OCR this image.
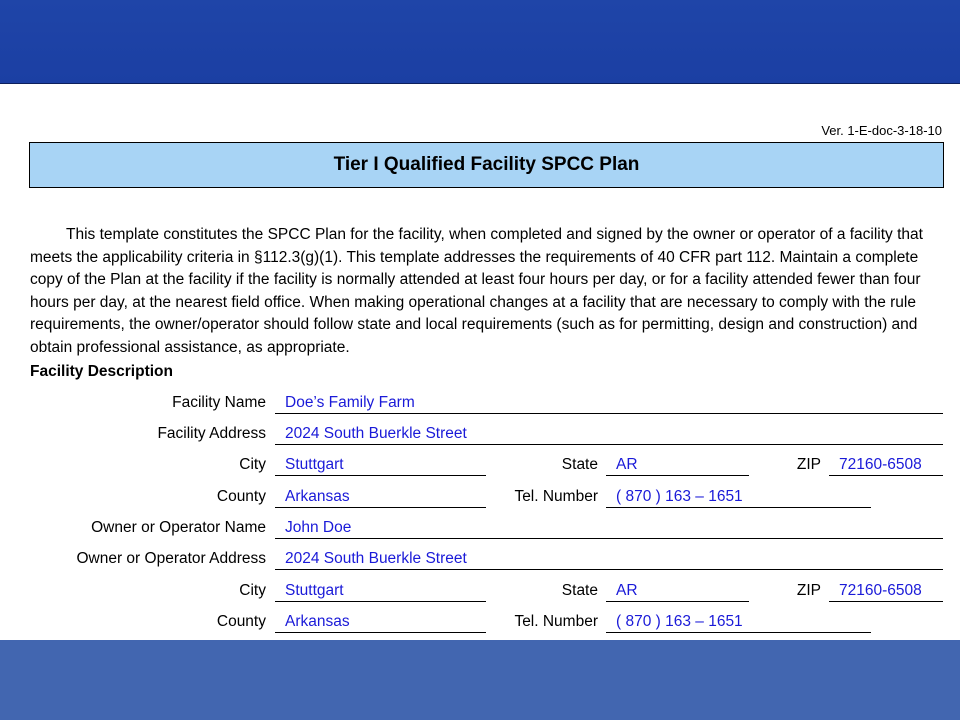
Ver. 1-E-doc-3-18-10
Tier I Qualified Facility SPCC Plan

This template constitutes the SPCC Plan for the facility, when completed and signed by the owner or operator of a facility that meets the applicability criteria in §112.3(g)(1). This template addresses the requirements of 40 CFR part 112. Maintain a complete copy of the Plan at the facility if the facility is normally attended at least four hours per day, or for a facility attended fewer than four hours per day, at the nearest field office. When making operational changes at a facility that are necessary to comply with the rule requirements, the owner/operator should follow state and local requirements (such as for permitting, design and construction) and obtain professional assistance, as appropriate.

Facility Description
Facility Name	Doe’s Family Farm
Facility Address	2024 South Buerkle Street
City	Stuttgart	State	AR	ZIP	72160-6508
County	Arkansas	Tel. Number	( 870 ) 163 – 1651
Owner or Operator Name	John Doe
Owner or Operator Address	2024 South Buerkle Street
City	Stuttgart	State	AR	ZIP	72160-6508
County	Arkansas	Tel. Number	( 870 ) 163 – 1651
